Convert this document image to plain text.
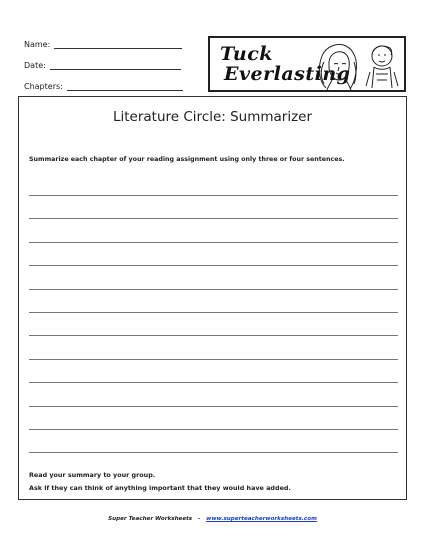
Name:
Date:
Chapters:
Tuck
Everlasting
Literature Circle: Summarizer
Summarize each chapter of your reading assignment using only three or four sentences.
Read your summary to your group.
Ask if they can think of anything important that they would have added.
Super Teacher Worksheets - www.superteacherworksheets.com
